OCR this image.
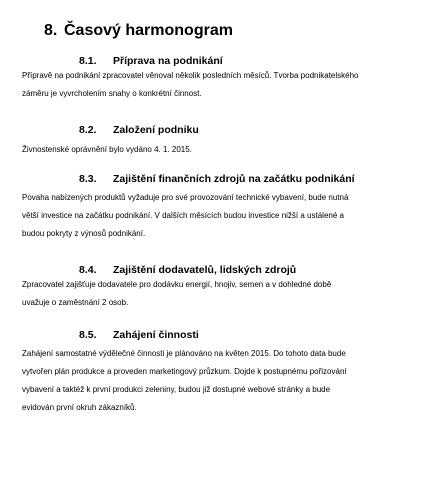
8. Časový harmonogram
8.1. Příprava na podnikání
Přípravě na podnikání zpracovatel věnoval několik posledních měsíců. Tvorba podnikatelského
záměru je vyvrcholením snahy o konkrétní činnost.
8.2. Založení podniku
Živnostenské oprávnění bylo vydáno 4. 1. 2015.
8.3. Zajištění finančních zdrojů na začátku podnikání
Povaha nabízených produktů vyžaduje pro své provozování technické vybavení, bude nutná
větší investice na začátku podnikání. V dalších měsících budou investice nižší a ustálené a
budou pokryty z výnosů podnikání.
8.4. Zajištění dodavatelů, lidských zdrojů
Zpracovatel zajišťuje dodavatele pro dodávku energií, hnojiv, semen a v dohledné době
uvažuje o zaměstnání 2 osob.
8.5. Zahájení činnosti
Zahájení samostatné výdělečné činnosti je plánováno na květen 2015. Do tohoto data bude
vytvořen plán produkce a proveden marketingový průzkum. Dojde k postupnému pořizování
vybavení a taktéž k první produkci zeleniny, budou již dostupné webové stránky a bude
evidován první okruh zákazníků.
